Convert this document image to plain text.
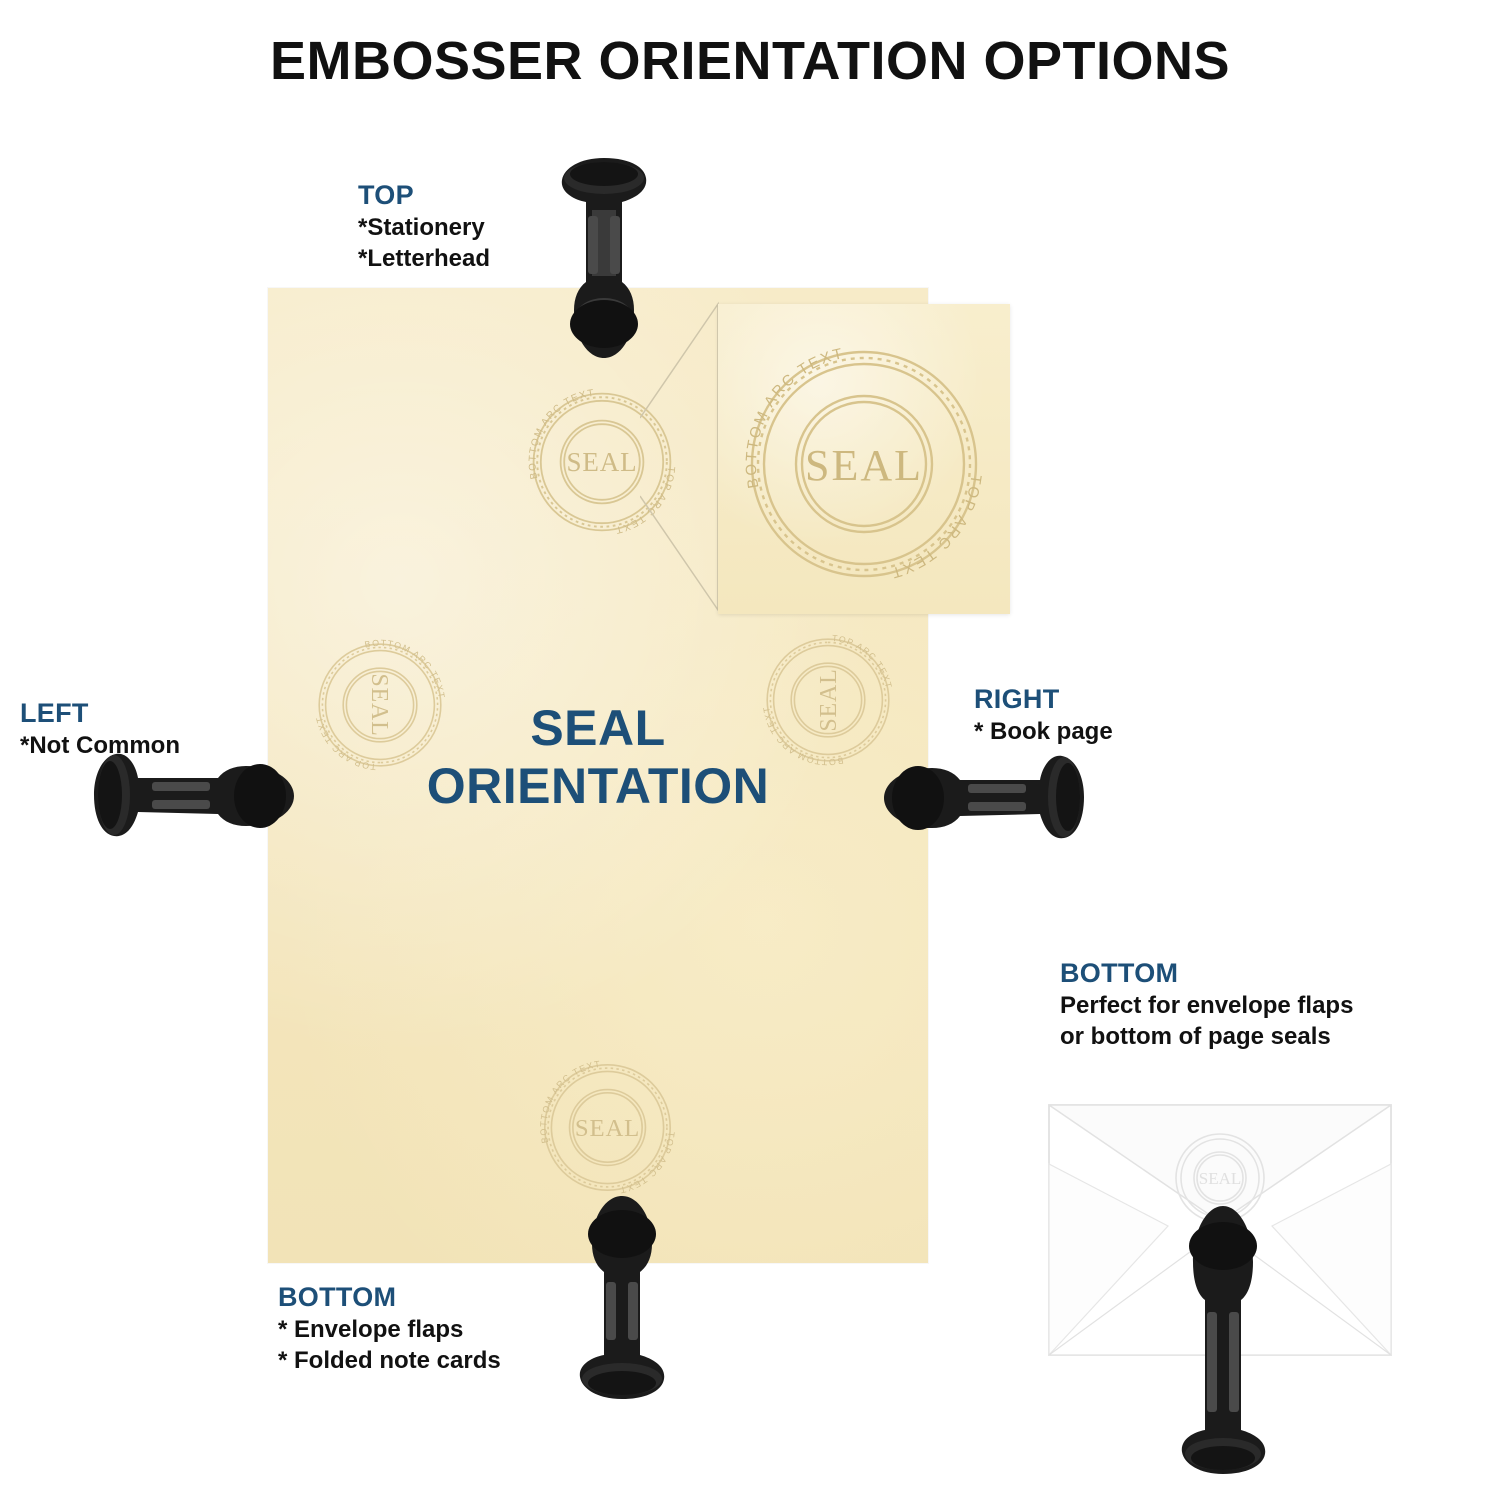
EMBOSSER ORIENTATION OPTIONS
SEAL	TOP ARC TEXT
BOTTOM ARC TEXT
SEAL
TOP ARC TEXT
BOTTOM ARC TEXT	SEAL
TOP ARC TEXT
BOTTOM ARC TEXT
SEAL	TOP ARC TEXT
BOTTOM ARC TEXT
SEAL	TOP ARC TEXT
BOTTOM ARC TEXT
SEAL
TOP
*Stationery
*Letterhead
LEFT
*Not Common
RIGHT
* Book page
BOTTOM
* Envelope flaps
* Folded note cards
BOTTOM
Perfect for envelope flaps
or bottom of page seals
SEAL
ORIENTATION
